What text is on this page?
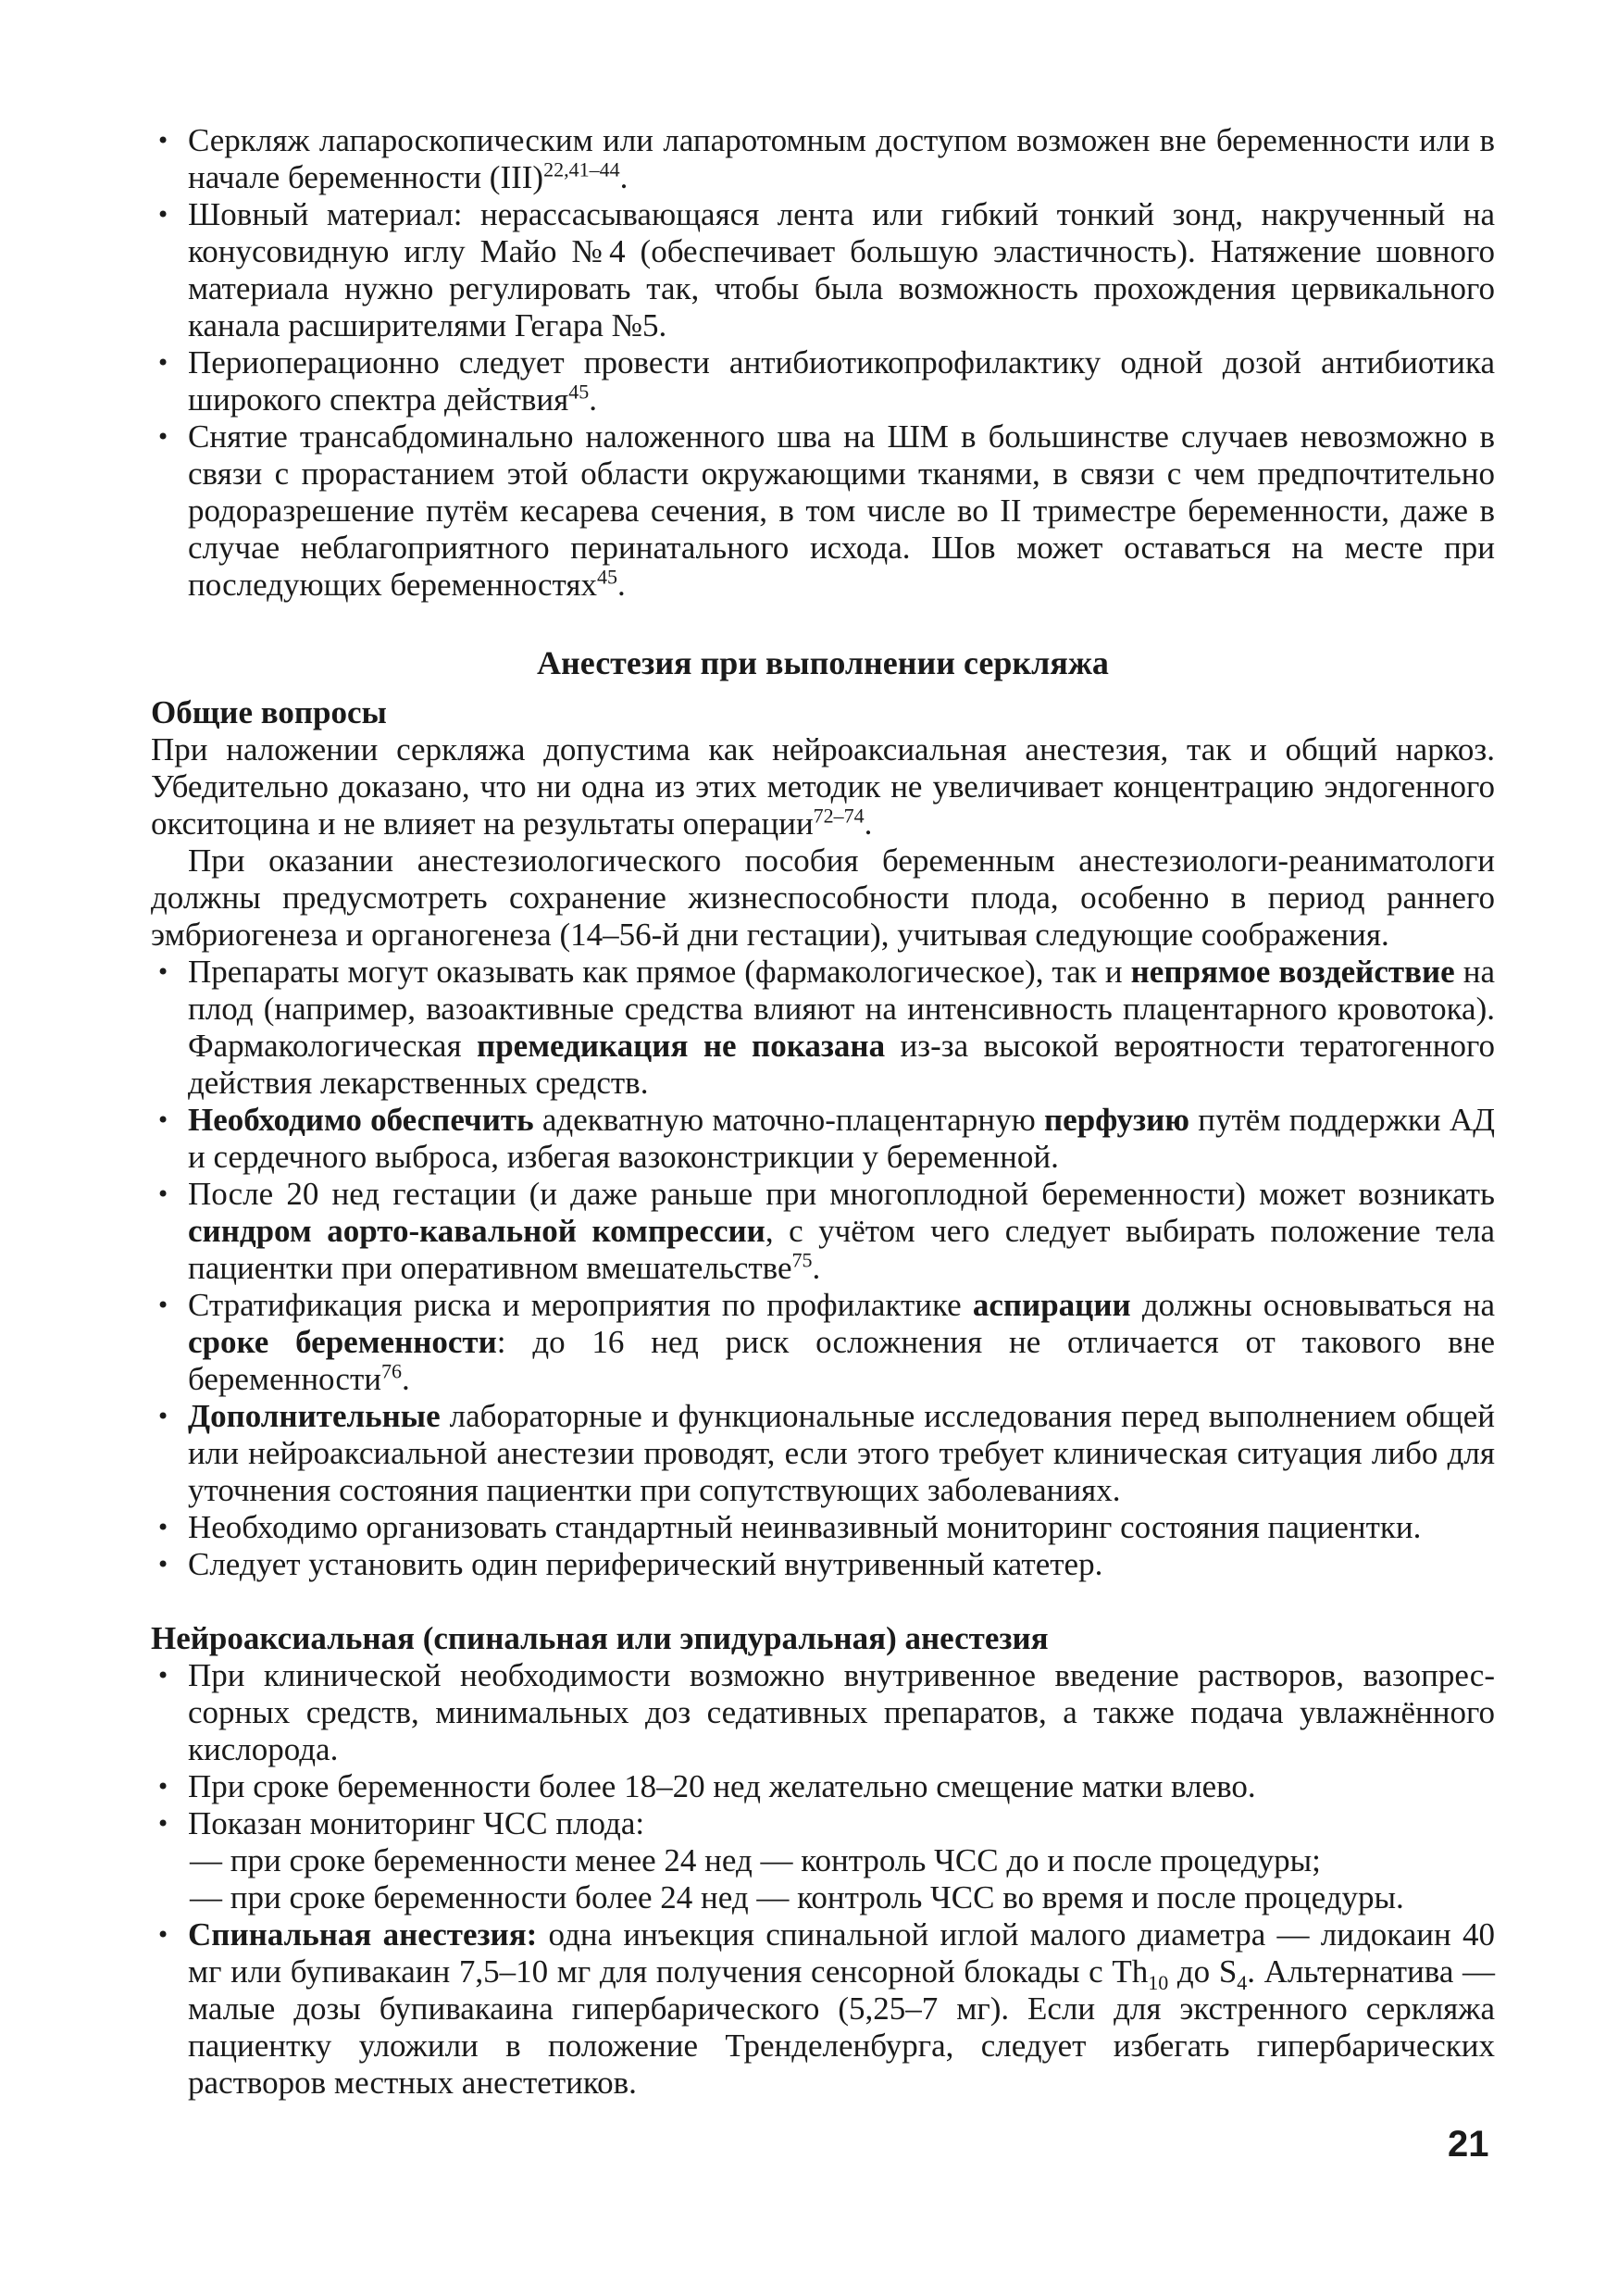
• Серкляж лапароскопическим или лапаротомным доступом возможен вне беременности или в начале беременности (III)$^{22,41-44}$.
• Шовный материал: нерассасывающаяся лента или гибкий тонкий зонд, накрученный на конусовидную иглу Майо №4 (обеспечивает большую эластичность). Натяжение шовного материала нужно регулировать так, чтобы была возможность прохождения цервикального канала расширителями Гегара №5.
• Периоперационно следует провести антибиотикопрофилактику одной дозой антибиотика широкого спектра действия$^{45}$.
• Снятие трансабдоминально наложенного шва на ШМ в большинстве случаев невозможно в связи с прорастанием этой области окружающими тканями, в связи с чем предпочтительно родоразрешение путём кесарева сечения, в том числе во II триместре беременности, даже в случае неблагоприятного перинатального исхода. Шов может оставаться на месте при последующих беременностях$^{45}$.
Анестезия при выполнении серкляжа
Общие вопросы

При наложении серкляжа допустима как нейроаксиальная анестезия, так и общий наркоз. Убедительно доказано, что ни одна из этих методик не увеличивает концентрацию эндогенного окситоцина и не влияет на результаты операции$^{72-74}$.

При оказании анестезиологического пособия беременным анестезиологи-реаниматологи должны предусмотреть сохранение жизнеспособности плода, особенно в период раннего эмбриогенеза и органогенеза (14–56-й дни гестации), учитывая следующие соображения.

• Препараты могут оказывать как прямое (фармакологическое), так и непрямое воздействие на плод (например, вазоактивные средства влияют на интенсивность плацентарного кровотока). Фармакологическая премедикация не показана из-за высокой вероятности тератогенного действия лекарственных средств.
• Необходимо обеспечить адекватную маточно-плацентарную перфузию путём поддержки АД и сердечного выброса, избегая вазоконстрикции у беременной.
• После 20 нед гестации (и даже раньше при многоплодной беременности) может возникать синдром аорто-кавальной компрессии, с учётом чего следует выбирать положение тела пациентки при оперативном вмешательстве$^{75}$.
• Стратификация риска и мероприятия по профилактике аспирации должны основываться на сроке беременности: до 16 нед риск осложнения не отличается от такового вне беременности$^{76}$.
• Дополнительные лабораторные и функциональные исследования перед выполнением общей или нейроаксиальной анестезии проводят, если этого требует клиническая ситуация либо для уточнения состояния пациентки при сопутствующих заболеваниях.
• Необходимо организовать стандартный неинвазивный мониторинг состояния пациентки.
• Следует установить один периферический внутривенный катетер.
Нейроаксиальная (спинальная или эпидуральная) анестезия
• При клинической необходимости возможно внутривенное введение растворов, вазопрессорных средств, минимальных доз седативных препаратов, а также подача увлажнённого кислорода.
• При сроке беременности более 18–20 нед желательно смещение матки влево.
• Показан мониторинг ЧСС плода:
— при сроке беременности менее 24 нед — контроль ЧСС до и после процедуры;
— при сроке беременности более 24 нед — контроль ЧСС во время и после процедуры.
• Спинальная анестезия: одна инъекция спинальной иглой малого диаметра — лидокаин 40 мг или бупивакаин 7,5–10 мг для получения сенсорной блокады с $Th_{10}$ до $S_4$. Альтернатива — малые дозы бупивакаина гипербарического (5,25–7 мг). Если для экстренного серкляжа пациентку уложили в положение Тренделенбурга, следует избегать гипербарических растворов местных анестетиков.
21
